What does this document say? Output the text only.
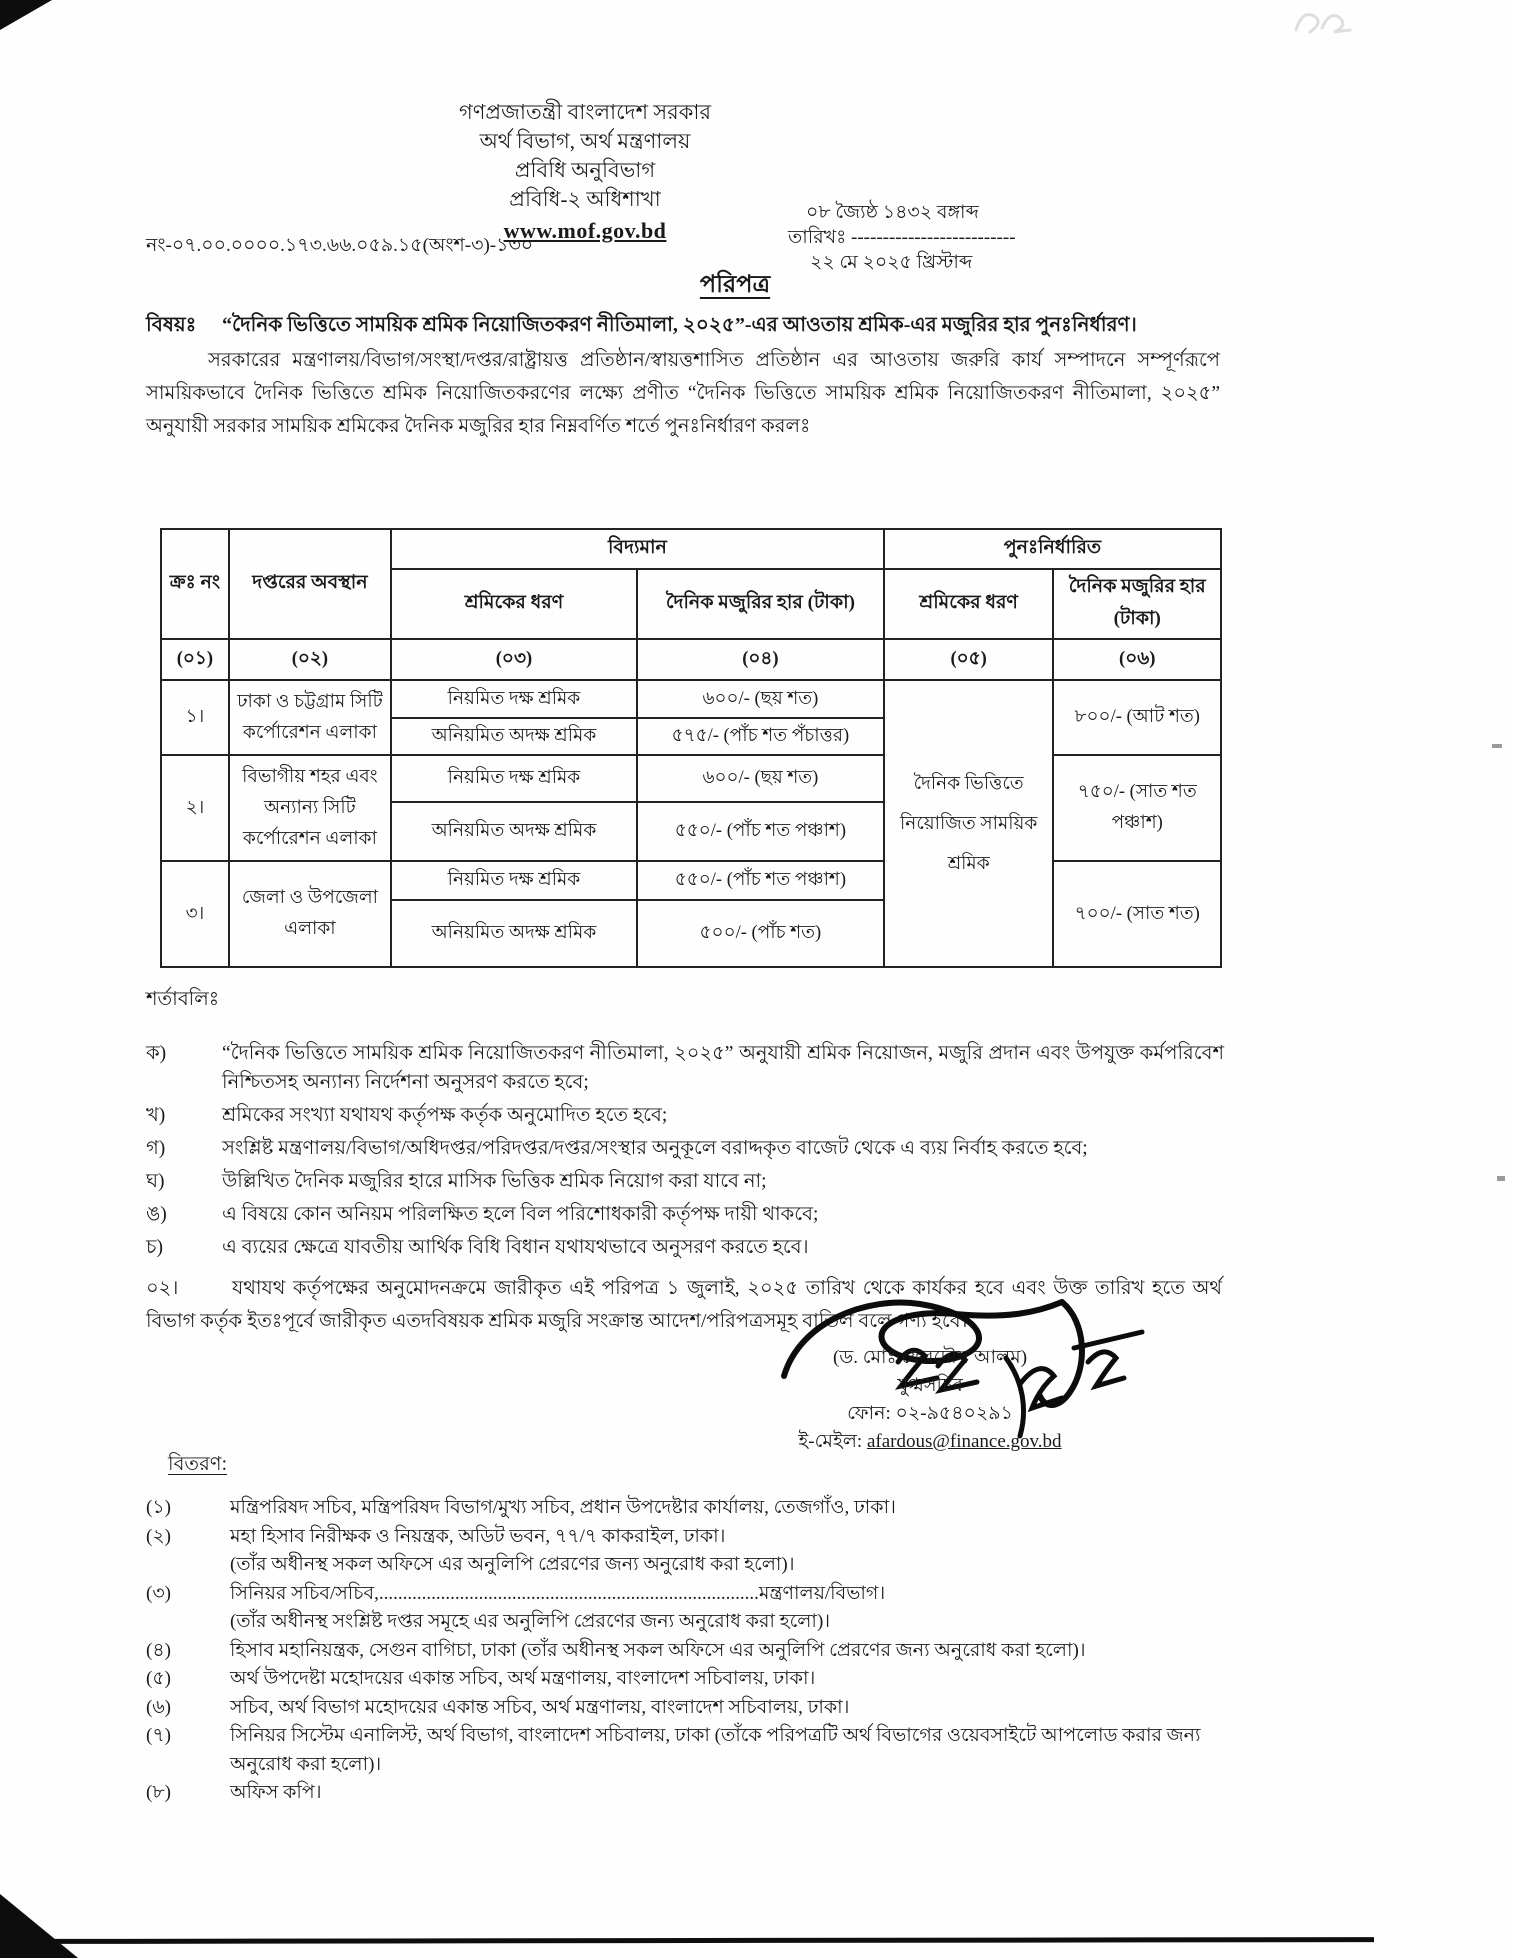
গণপ্রজাতন্ত্রী বাংলাদেশ সরকার
অর্থ বিভাগ, অর্থ মন্ত্রণালয়
প্রবিধি অনুবিভাগ
প্রবিধি-২ অধিশাখা
www.mof.gov.bd
নং-০৭.০০.০০০০.১৭৩.৬৬.০৫৯.১৫(অংশ-৩)-১৩০
০৮ জ্যৈষ্ঠ ১৪৩২ বঙ্গাব্দ
তারিখঃ --------------------------
২২ মে ২০২৫ খ্রিস্টাব্দ
পরিপত্র
বিষয়ঃ	“দৈনিক ভিত্তিতে সাময়িক শ্রমিক নিয়োজিতকরণ নীতিমালা, ২০২৫”-এর আওতায় শ্রমিক-এর মজুরির হার পুনঃনির্ধারণ।

সরকারের মন্ত্রণালয়/বিভাগ/সংস্থা/দপ্তর/রাষ্ট্রায়ত্ত প্রতিষ্ঠান/স্বায়ত্তশাসিত প্রতিষ্ঠান এর আওতায় জরুরি কার্য সম্পাদনে সম্পূর্ণরূপে সাময়িকভাবে দৈনিক ভিত্তিতে শ্রমিক নিয়োজিতকরণের লক্ষ্যে প্রণীত “দৈনিক ভিত্তিতে সাময়িক শ্রমিক নিয়োজিতকরণ নীতিমালা, ২০২৫” অনুযায়ী সরকার সাময়িক শ্রমিকের দৈনিক মজুরির হার নিম্নবর্ণিত শর্তে পুনঃনির্ধারণ করলঃ

ক্রঃ নং	দপ্তরের অবস্থান	বিদ্যমান		পুনঃনির্ধারিত	
		শ্রমিকের ধরণ	দৈনিক মজুরির হার (টাকা)	শ্রমিকের ধরণ	দৈনিক মজুরির হার (টাকা)
(০১)	(০২)	(০৩)	(০৪)	(০৫)	(০৬)
১।	ঢাকা ও চট্টগ্রাম সিটি কর্পোরেশন এলাকা	নিয়মিত দক্ষ শ্রমিক	৬০০/- (ছয় শত)	দৈনিক ভিত্তিতে নিয়োজিত সাময়িক শ্রমিক	৮০০/- (আট শত)
		অনিয়মিত অদক্ষ শ্রমিক	৫৭৫/- (পাঁচ শত পঁচাত্তর)		
২।	বিভাগীয় শহর এবং অন্যান্য সিটি কর্পোরেশন এলাকা	নিয়মিত দক্ষ শ্রমিক	৬০০/- (ছয় শত)		৭৫০/- (সাত শত পঞ্চাশ)
		অনিয়মিত অদক্ষ শ্রমিক	৫৫০/- (পাঁচ শত পঞ্চাশ)		
৩।	জেলা ও উপজেলা এলাকা	নিয়মিত দক্ষ শ্রমিক	৫৫০/- (পাঁচ শত পঞ্চাশ)		৭০০/- (সাত শত)
		অনিয়মিত অদক্ষ শ্রমিক	৫০০/- (পাঁচ শত)		

শর্তাবলিঃ

ক)	“দৈনিক ভিত্তিতে সাময়িক শ্রমিক নিয়োজিতকরণ নীতিমালা, ২০২৫” অনুযায়ী শ্রমিক নিয়োজন, মজুরি প্রদান এবং উপযুক্ত কর্মপরিবেশ নিশ্চিতসহ অন্যান্য নির্দেশনা অনুসরণ করতে হবে;
খ)	শ্রমিকের সংখ্যা যথাযথ কর্তৃপক্ষ কর্তৃক অনুমোদিত হতে হবে;
গ)	সংশ্লিষ্ট মন্ত্রণালয়/বিভাগ/অধিদপ্তর/পরিদপ্তর/দপ্তর/সংস্থার অনুকূলে বরাদ্দকৃত বাজেট থেকে এ ব্যয় নির্বাহ করতে হবে;
ঘ)	উল্লিখিত দৈনিক মজুরির হারে মাসিক ভিত্তিক শ্রমিক নিয়োগ করা যাবে না;
ঙ)	এ বিষয়ে কোন অনিয়ম পরিলক্ষিত হলে বিল পরিশোধকারী কর্তৃপক্ষ দায়ী থাকবে;
চ)	এ ব্যয়ের ক্ষেত্রে যাবতীয় আর্থিক বিধি বিধান যথাযথভাবে অনুসরণ করতে হবে।

০২।	যথাযথ কর্তৃপক্ষের অনুমোদনক্রমে জারীকৃত এই পরিপত্র ১ জুলাই, ২০২৫ তারিখ থেকে কার্যকর হবে এবং উক্ত তারিখ হতে অর্থ বিভাগ কর্তৃক ইতঃপূর্বে জারীকৃত এতদবিষয়ক শ্রমিক মজুরি সংক্রান্ত আদেশ/পরিপত্রসমূহ বাতিল বলে গণ্য হবে।

(ড. মোঃ ফেরদৌস আলম)
যুগ্মসচিব
ফোন: ০২-৯৫৪০২৯১
ই-মেইল: afardous@finance.gov.bd

বিতরণ:

(১)	মন্ত্রিপরিষদ সচিব, মন্ত্রিপরিষদ বিভাগ/মুখ্য সচিব, প্রধান উপদেষ্টার কার্যালয়, তেজগাঁও, ঢাকা।
(২)	মহা হিসাব নিরীক্ষক ও নিয়ন্ত্রক, অডিট ভবন, ৭৭/৭ কাকরাইল, ঢাকা।
(তাঁর অধীনস্থ সকল অফিসে এর অনুলিপি প্রেরণের জন্য অনুরোধ করা হলো)।
(৩)	সিনিয়র সচিব/সচিব,................................................................................মন্ত্রণালয়/বিভাগ।
(তাঁর অধীনস্থ সংশ্লিষ্ট দপ্তর সমূহে এর অনুলিপি প্রেরণের জন্য অনুরোধ করা হলো)।
(৪)	হিসাব মহানিয়ন্ত্রক, সেগুন বাগিচা, ঢাকা (তাঁর অধীনস্থ সকল অফিসে এর অনুলিপি প্রেরণের জন্য অনুরোধ করা হলো)।
(৫)	অর্থ উপদেষ্টা মহোদয়ের একান্ত সচিব, অর্থ মন্ত্রণালয়, বাংলাদেশ সচিবালয়, ঢাকা।
(৬)	সচিব, অর্থ বিভাগ মহোদয়ের একান্ত সচিব, অর্থ মন্ত্রণালয়, বাংলাদেশ সচিবালয়, ঢাকা।
(৭)	সিনিয়র সিস্টেম এনালিস্ট, অর্থ বিভাগ, বাংলাদেশ সচিবালয়, ঢাকা (তাঁকে পরিপত্রটি অর্থ বিভাগের ওয়েবসাইটে আপলোড করার জন্য অনুরোধ করা হলো)।
(৮)	অফিস কপি।
